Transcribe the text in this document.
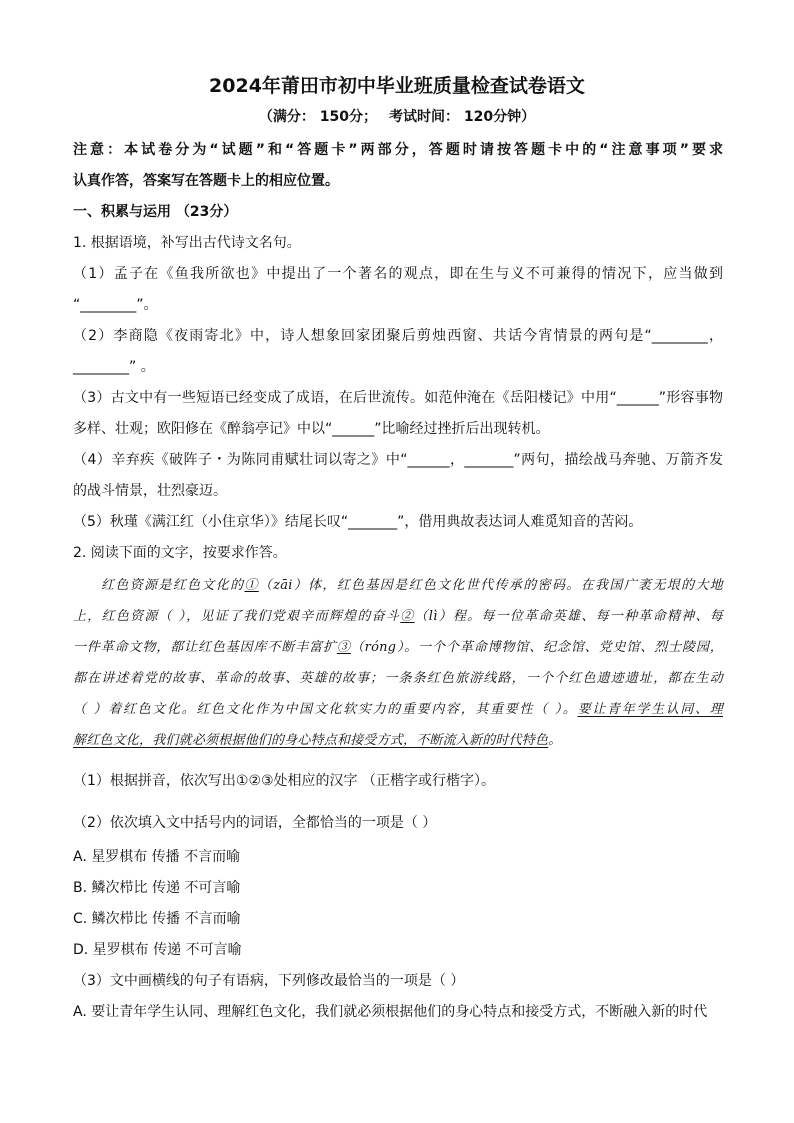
2024年莆田市初中毕业班质量检查试卷语文
（满分： 150分； 考试时间： 120分钟）
注意：本试卷分为“试题”和“答题卡”两部分，答题时请按答题卡中的“注意事项”要求
认真作答，答案写在答题卡上的相应位置。
一、积累与运用 （23分）
1. 根据语境，补写出古代诗文名句。
（1）孟子在《鱼我所欲也》中提出了一个著名的观点，即在生与义不可兼得的情况下，应当做到
“________”。
（2）李商隐《夜雨寄北》中，诗人想象回家团聚后剪烛西窗、共话今宵情景的两句是“________，
________” 。
（3）古文中有一些短语已经变成了成语，在后世流传。如范仲淹在《岳阳楼记》中用“______”形容事物
多样、壮观；欧阳修在《醉翁亭记》中以“______”比喻经过挫折后出现转机。
（4）辛弃疾《破阵子・为陈同甫赋壮词以寄之》中“______，_______”两句，描绘战马奔驰、万箭齐发
的战斗情景，壮烈豪迈。
（5）秋瑾《满江红（小住京华）》结尾长叹“_______”，借用典故表达词人难觅知音的苦闷。
2. 阅读下面的文字，按要求作答。
红色资源是红色文化的①（zāi）体，红色基因是红色文化世代传承的密码。在我国广袤无垠的大地
上，红色资源（ ），见证了我们党艰辛而辉煌的奋斗②（lì）程。每一位革命英雄、每一种革命精神、每
一件革命文物，都让红色基因库不断丰富扩③（róng）。一个个革命博物馆、纪念馆、党史馆、烈士陵园，
都在讲述着党的故事、革命的故事、英雄的故事；一条条红色旅游线路，一个个红色遗迹遗址，都在生动
（ ）着红色文化。红色文化作为中国文化软实力的重要内容，其重要性（ ）。要让青年学生认同、理
解红色文化，我们就必须根据他们的身心特点和接受方式，不断流入新的时代特色。
（1）根据拼音，依次写出①②③处相应的汉字 （正楷字或行楷字）。
（2）依次填入文中括号内的词语，全都恰当的一项是（ ）
A. 星罗棋布 传播 不言而喻
B. 鳞次栉比 传递 不可言喻
C. 鳞次栉比 传播 不言而喻
D. 星罗棋布 传递 不可言喻
（3）文中画横线的句子有语病，下列修改最恰当的一项是（ ）
A. 要让青年学生认同、理解红色文化，我们就必须根据他们的身心特点和接受方式，不断融入新的时代
